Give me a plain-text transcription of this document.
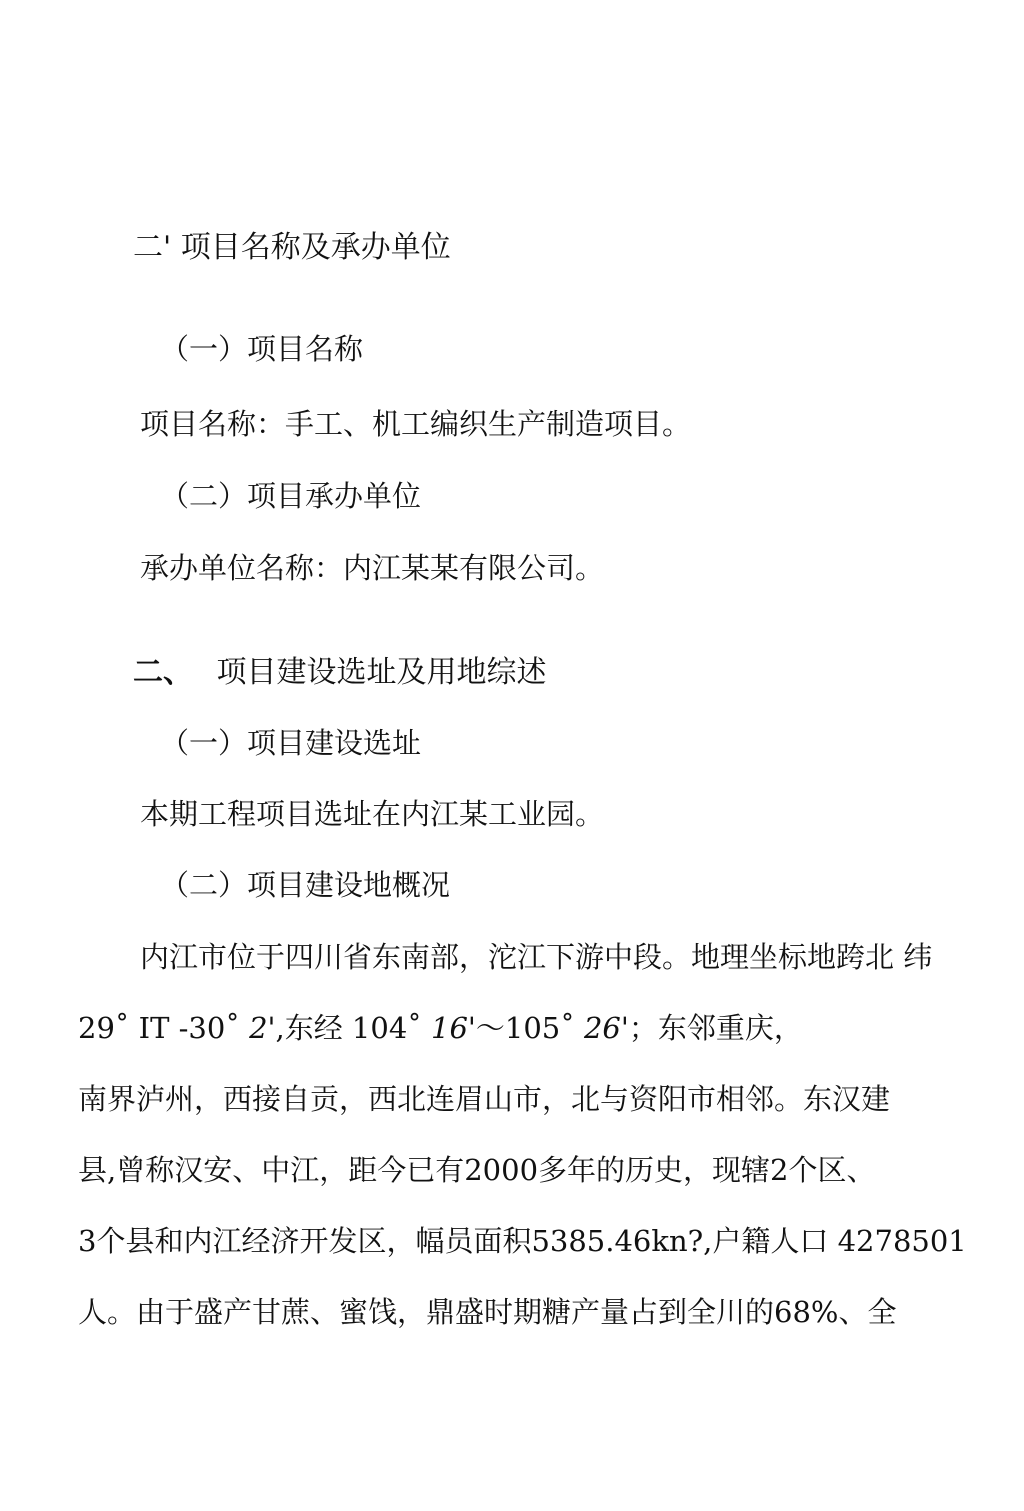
二' 项目名称及承办单位
（一）项目名称
项目名称：手工、机工编织生产制造项目。
（二）项目承办单位
承办单位名称：内江某某有限公司。
二、 项目建设选址及用地综述
（一）项目建设选址
本期工程项目选址在内江某工业园。
（二）项目建设地概况
内江市位于四川省东南部，沱江下游中段。地理坐标地跨北 纬
29˚ IT -30˚ 2',东经 104˚ 16'～105˚ 26'；东邻重庆，
南界泸州，西接自贡，西北连眉山市，北与资阳市相邻。东汉建
县,曾称汉安、中江，距今已有2000多年的历史，现辖2个区、
3个县和内江经济开发区，幅员面积5385.46kn?,户籍人口 4278501
人。由于盛产甘蔗、蜜饯，鼎盛时期糖产量占到全川的68%、全
